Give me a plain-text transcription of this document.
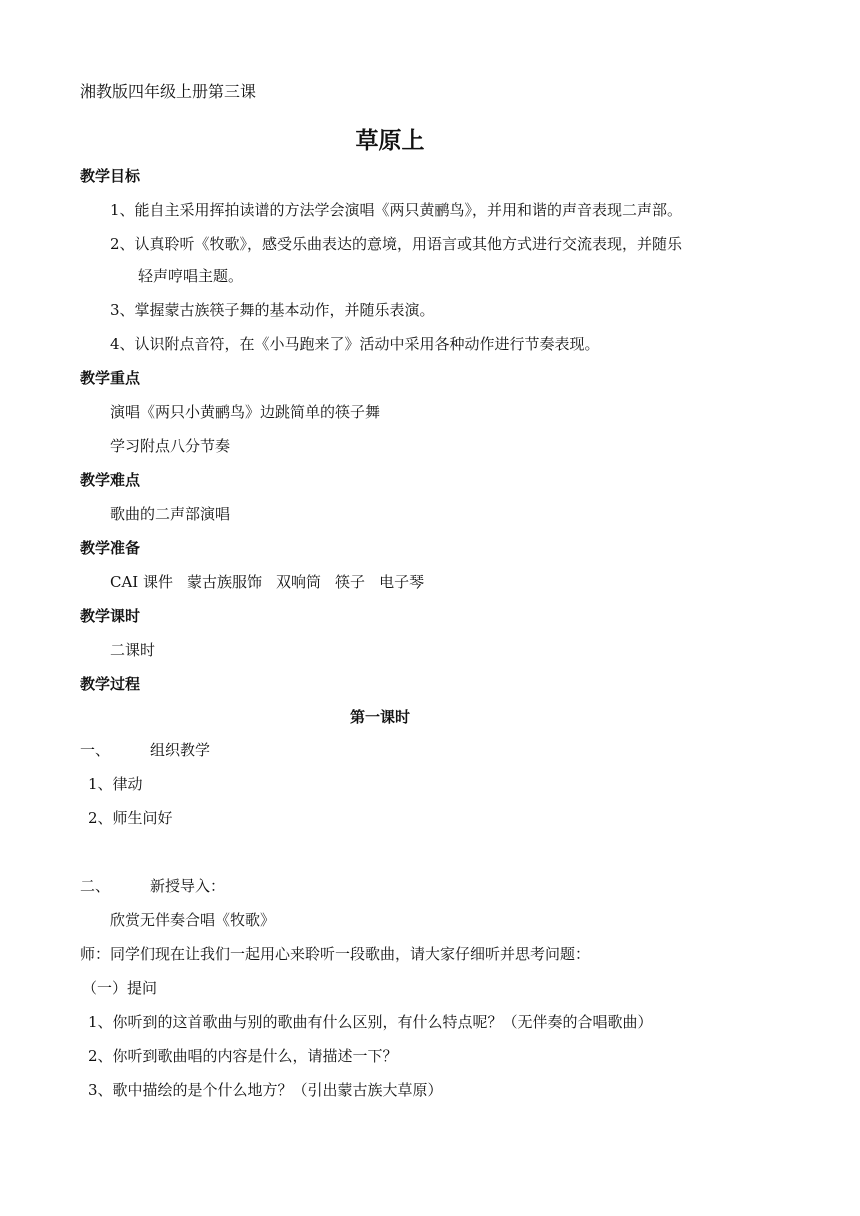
湘教版四年级上册第三课
草原上
教学目标
1、能自主采用挥拍读谱的方法学会演唱《两只黄鹂鸟》，并用和谐的声音表现二声部。
2、认真聆听《牧歌》，感受乐曲表达的意境，用语言或其他方式进行交流表现，并随乐
轻声哼唱主题。
3、掌握蒙古族筷子舞的基本动作，并随乐表演。
4、认识附点音符，在《小马跑来了》活动中采用各种动作进行节奏表现。
教学重点
演唱《两只小黄鹂鸟》边跳简单的筷子舞
学习附点八分节奏
教学难点
歌曲的二声部演唱
教学准备
CAI 课件 蒙古族服饰 双响筒 筷子 电子琴
教学课时
二课时
教学过程
第一课时
一、	组织教学
1、律动
2、师生问好
二、	新授导入：
欣赏无伴奏合唱《牧歌》
师：同学们现在让我们一起用心来聆听一段歌曲，请大家仔细听并思考问题：
（一）提问
1、你听到的这首歌曲与别的歌曲有什么区别，有什么特点呢？（无伴奏的合唱歌曲）
2、你听到歌曲唱的内容是什么，请描述一下？
3、歌中描绘的是个什么地方？（引出蒙古族大草原）
